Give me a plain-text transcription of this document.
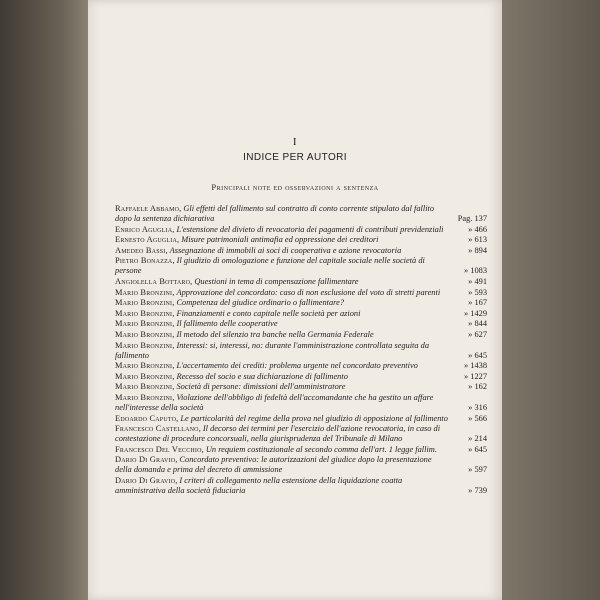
I
INDICE PER AUTORI
Principali note ed osservazioni a sentenza
Raffaele Abbamo, Gli effetti del fallimento sul contratto di conto corrente stipulato dal fallito dopo la sentenza dichiarativa	Pag. 137
Enrico Aguglia, L'estensione del divieto di revocatoria dei pagamenti di contributi previdenziali	» 466
Ernesto Aguglia, Misure patrimoniali antimafia ed oppressione dei creditori	» 613
Amedeo Bassi, Assegnazione di immobili ai soci di cooperativa e azione revocatoria	» 894
Pietro Bonazza, Il giudizio di omologazione e funzione del capitale sociale nelle società di persone	» 1083
Angiolella Bottaro, Questioni in tema di compensazione fallimentare	» 491
Mario Bronzini, Approvazione del concordato: caso di non esclusione del voto di stretti parenti	» 593
Mario Bronzini, Competenza del giudice ordinario o fallimentare?	» 167
Mario Bronzini, Finanziamenti e conto capitale nelle società per azioni	» 1429
Mario Bronzini, Il fallimento delle cooperative	» 844
Mario Bronzini, Il metodo del silenzio tra banche nella Germania Federale	» 627
Mario Bronzini, Interessi: si, interessi, no: durante l'amministrazione controllata seguita da fallimento	» 645
Mario Bronzini, L'accertamento dei crediti: problema urgente nel concordato preventivo	» 1438
Mario Bronzini, Recesso del socio e sua dichiarazione di fallimento	» 1227
Mario Bronzini, Società di persone: dimissioni dell'amministratore	» 162
Mario Bronzini, Violazione dell'obbligo di fedeltà dell'accomandante che ha gestito un affare nell'interesse della società	» 316
Edoardo Caputo, Le particolarità del regime della prova nel giudizio di opposizione al fallimento	» 566
Francesco Castellano, Il decorso dei termini per l'esercizio dell'azione revocatoria, in caso di contestazione di procedure concorsuali, nella giurisprudenza del Tribunale di Milano	» 214
Francesco Del Vecchio, Un requiem costituzionale al secondo comma dell'art. 1 legge fallim.	» 645
Dario Di Gravio, Concordato preventivo: le autorizzazioni del giudice dopo la presentazione della domanda e prima del decreto di ammissione	» 597
Dario Di Gravio, I criteri di collegamento nella estensione della liquidazione coatta amministrativa della società fiduciaria	» 739
